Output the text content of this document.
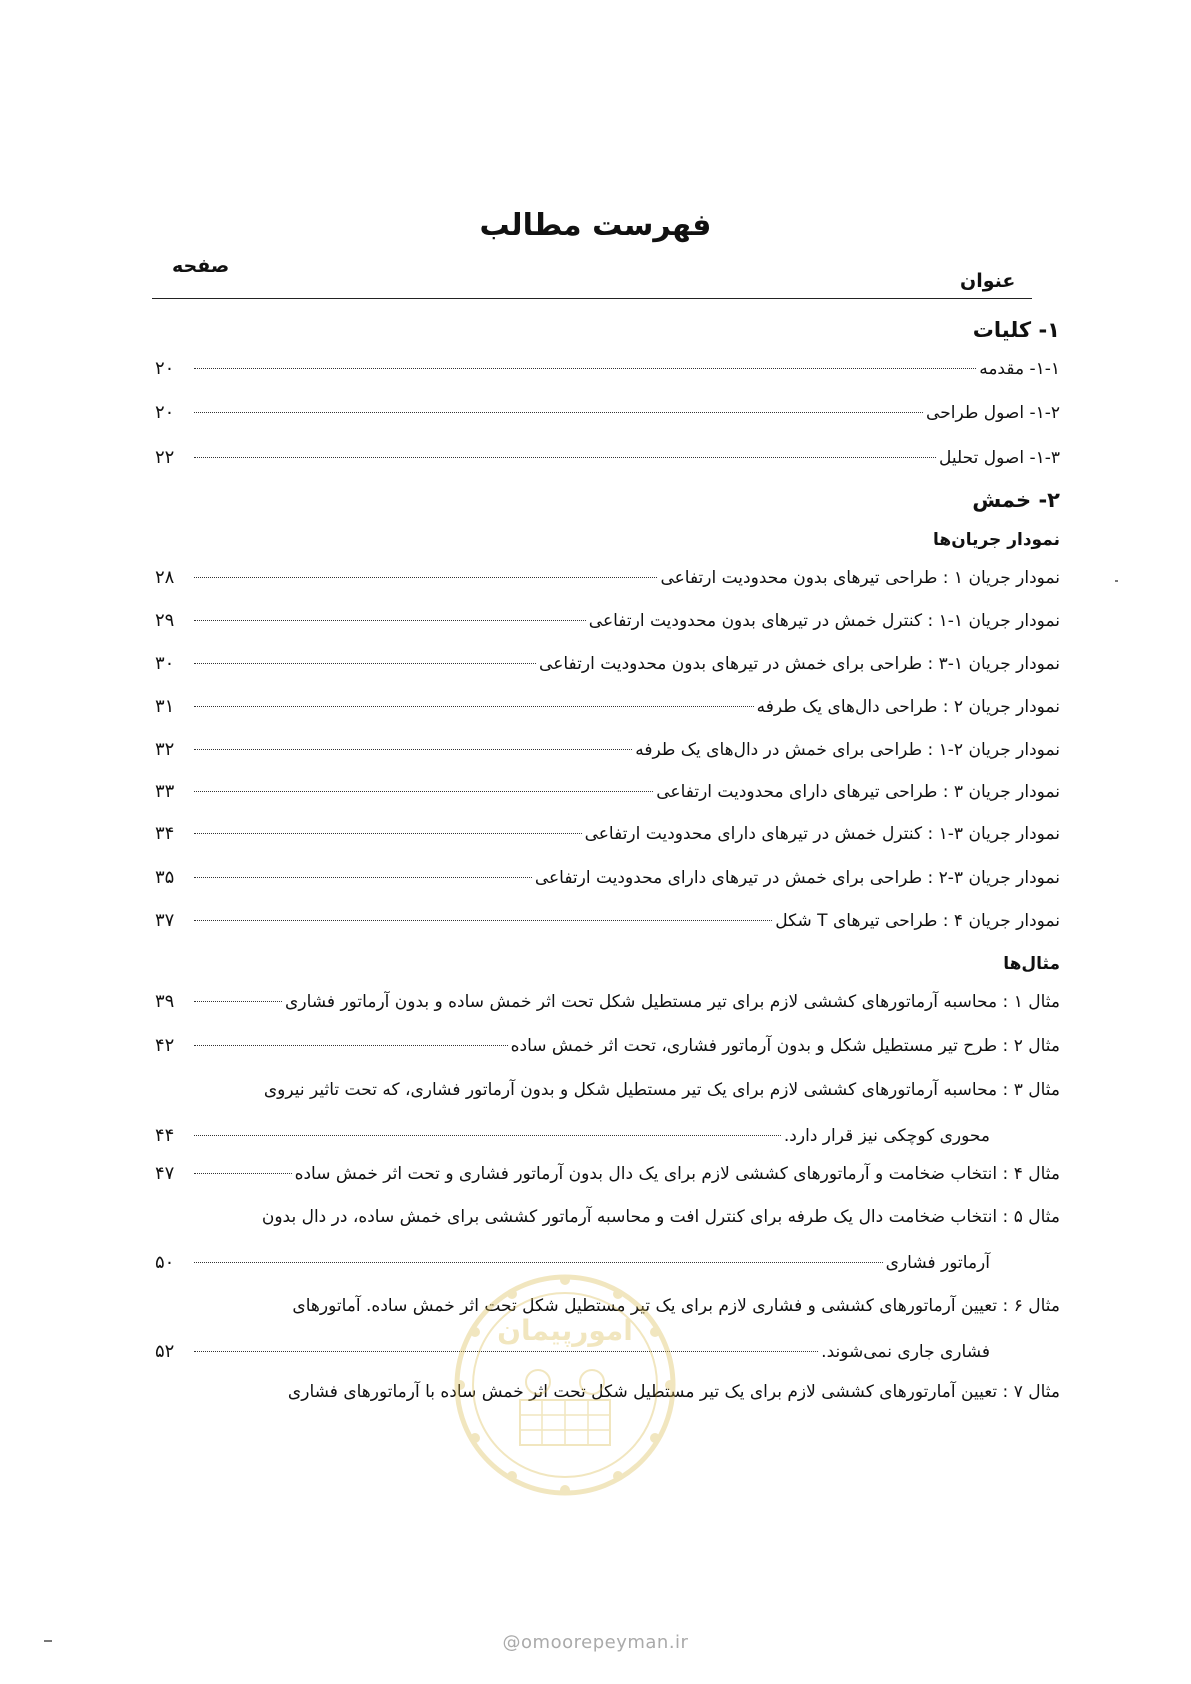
فهرست مطالب
عنوان
صفحه
۱- کلیات
۱-۱- مقدمه
۲۰
۱-۲- اصول طراحی
۲۰
۱-۳- اصول تحلیل
۲۲
۲- خمش
نمودار جریان‌ها
نمودار جریان ۱ : طراحی تیرهای بدون محدودیت ارتفاعی
۲۸
نمودار جریان ۱-۱ : کنترل خمش در تیرهای بدون محدودیت ارتفاعی
۲۹
نمودار جریان ۱-۳ : طراحی برای خمش در تیرهای بدون محدودیت ارتفاعی
۳۰
نمودار جریان ۲ : طراحی دال‌های یک طرفه
۳۱
نمودار جریان ۲-۱ : طراحی برای خمش در دال‌های یک طرفه
۳۲
نمودار جریان ۳ : طراحی تیرهای دارای محدودیت ارتفاعی
۳۳
نمودار جریان ۳-۱ : کنترل خمش در تیرهای دارای محدودیت ارتفاعی
۳۴
نمودار جریان ۳-۲ : طراحی برای خمش در تیرهای دارای محدودیت ارتفاعی
۳۵
نمودار جریان ۴ : طراحی تیرهای T شکل
۳۷
مثال‌ها
مثال ۱ : محاسبه آرماتورهای کششی لازم برای تیر مستطیل شکل تحت اثر خمش ساده و بدون آرماتور فشاری
۳۹
مثال ۲ : طرح تیر مستطیل شکل و بدون آرماتور فشاری، تحت اثر خمش ساده
۴۲
مثال ۳ : محاسبه آرماتورهای کششی لازم برای یک تیر مستطیل شکل و بدون آرماتور فشاری، که تحت تاثیر نیروی
محوری کوچکی نیز قرار دارد.
۴۴
مثال ۴ : انتخاب ضخامت و آرماتورهای کششی لازم برای یک دال بدون آرماتور فشاری و تحت اثر خمش ساده
۴۷
مثال ۵ : انتخاب ضخامت دال یک طرفه برای کنترل افت و محاسبه آرماتور کششی برای خمش ساده، در دال بدون
آرماتور فشاری
۵۰
مثال ۶ : تعیین آرماتورهای کششی و فشاری لازم برای یک تیر مستطیل شکل تحت اثر خمش ساده. آماتورهای
فشاری جاری نمی‌شوند.
۵۲
مثال ۷ : تعیین آمارتورهای کششی لازم برای یک تیر مستطیل شکل تحت اثر خمش ساده با آرماتورهای فشاری
امورپیمان
@omoorepeyman.ir
